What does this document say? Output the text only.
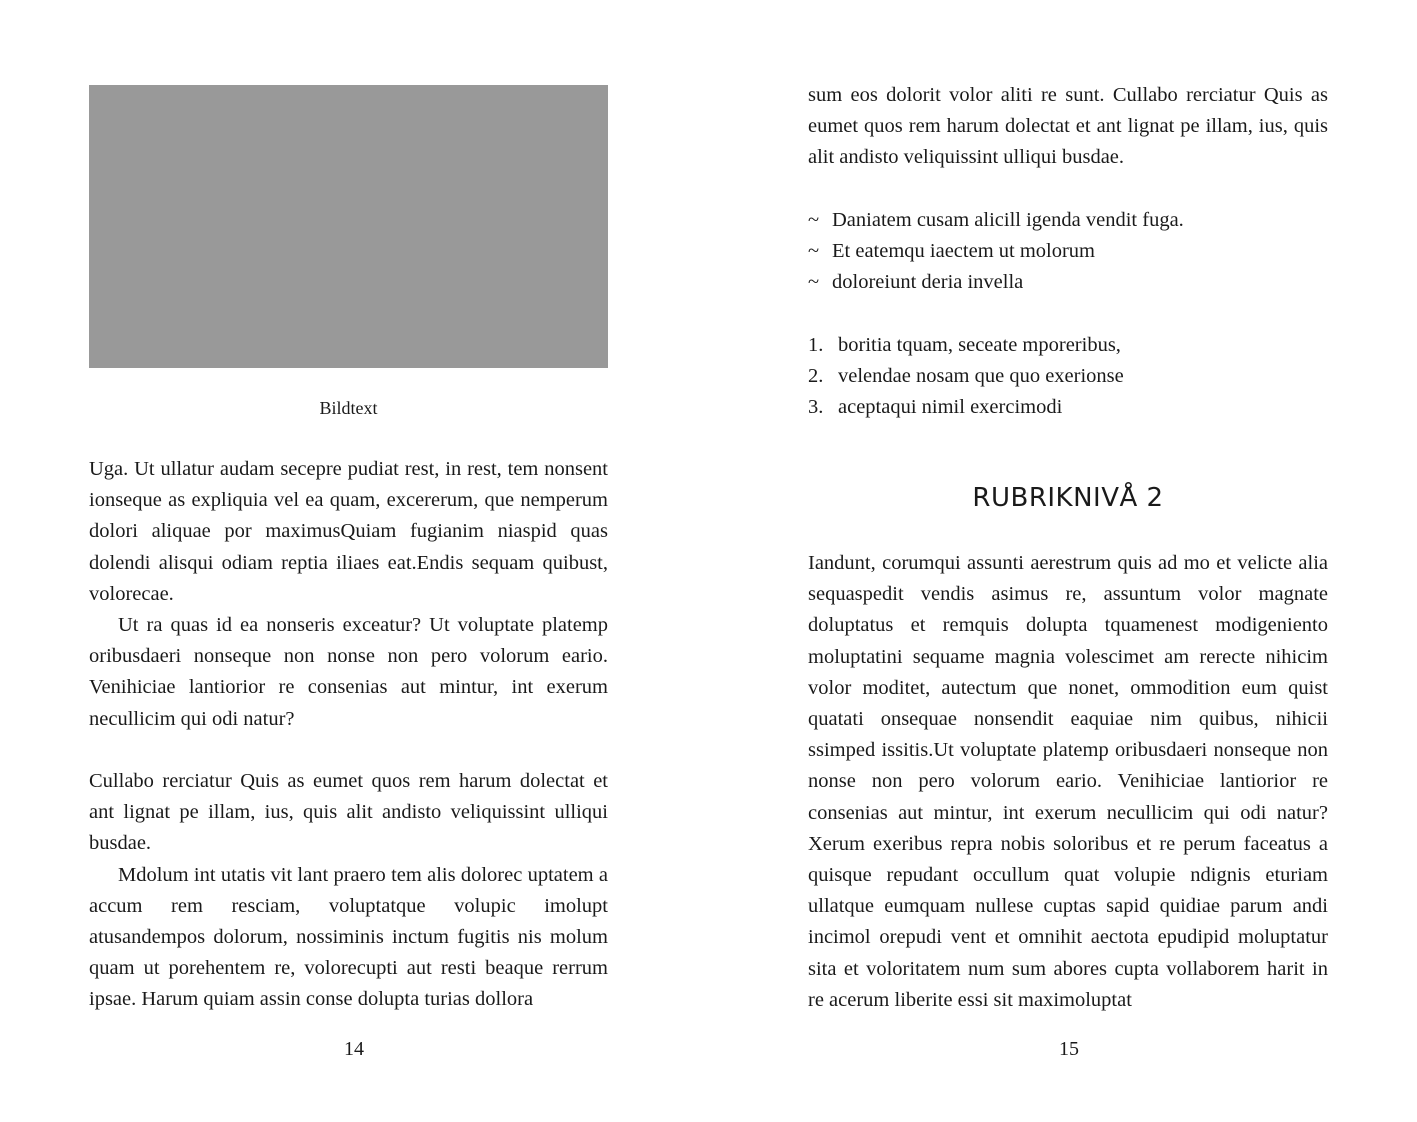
Bildtext

Uga. Ut ullatur audam secepre pudiat rest, in rest, tem nonsent ionseque as expliquia vel ea quam, excererum, que nemperum dolori aliquae por maximusQuiam fugianim niaspid quas dolendi alisqui odiam reptia iliaes eat.Endis sequam quibust, volorecae.

Ut ra quas id ea nonseris exceatur? Ut voluptate platemp oribusdaeri nonseque non nonse non pero volorum eario. Venihiciae lantiorior re consenias aut mintur, int exerum necullicim qui odi natur?

Cullabo rerciatur Quis as eumet quos rem harum dolectat et ant lignat pe illam, ius, quis alit andisto veliquissint ulliqui busdae.

Mdolum int utatis vit lant praero tem alis dolorec uptatem a accum rem resciam, voluptatque volupic imolupt atusandempos dolorum, nossiminis inctum fugitis nis molum quam ut porehentem re, volorecupti aut resti beaque rerrum ipsae. Harum quiam assin conse dolupta turias dollora

14

sum eos dolorit volor aliti re sunt. Cullabo rerciatur Quis as eumet quos rem harum dolectat et ant lignat pe illam, ius, quis alit andisto veliquissint ulliqui busdae.

~ Daniatem cusam alicill igenda vendit fuga.
~ Et eatemqu iaectem ut molorum
~ doloreiunt deria invella
1. boritia tquam, seceate mporeribus,
2. velendae nosam que quo exerionse
3. aceptaqui nimil exercimodi
RUBRIKNIVÅ 2

Iandunt, corumqui assunti aerestrum quis ad mo et velicte alia sequaspedit vendis asimus re, assuntum volor magnate doluptatus et remquis dolupta tquamenest modigeniento moluptatini sequame magnia volescimet am rerecte nihicim volor moditet, autectum que nonet, ommodition eum quist quatati onsequae nonsendit eaquiae nim quibus, nihicii ssimped issitis.Ut voluptate platemp oribusdaeri nonseque non nonse non pero volorum eario. Venihiciae lantiorior re consenias aut mintur, int exerum necullicim qui odi natur? Xerum exeribus repra nobis soloribus et re perum faceatus a quisque repudant occullum quat volupie ndignis eturiam ullatque eumquam nullese cuptas sapid quidiae parum andi incimol orepudi vent et omnihit aectota epudipid moluptatur sita et voloritatem num sum abores cupta vollaborem harit in re acerum liberite essi sit maximoluptat

15
